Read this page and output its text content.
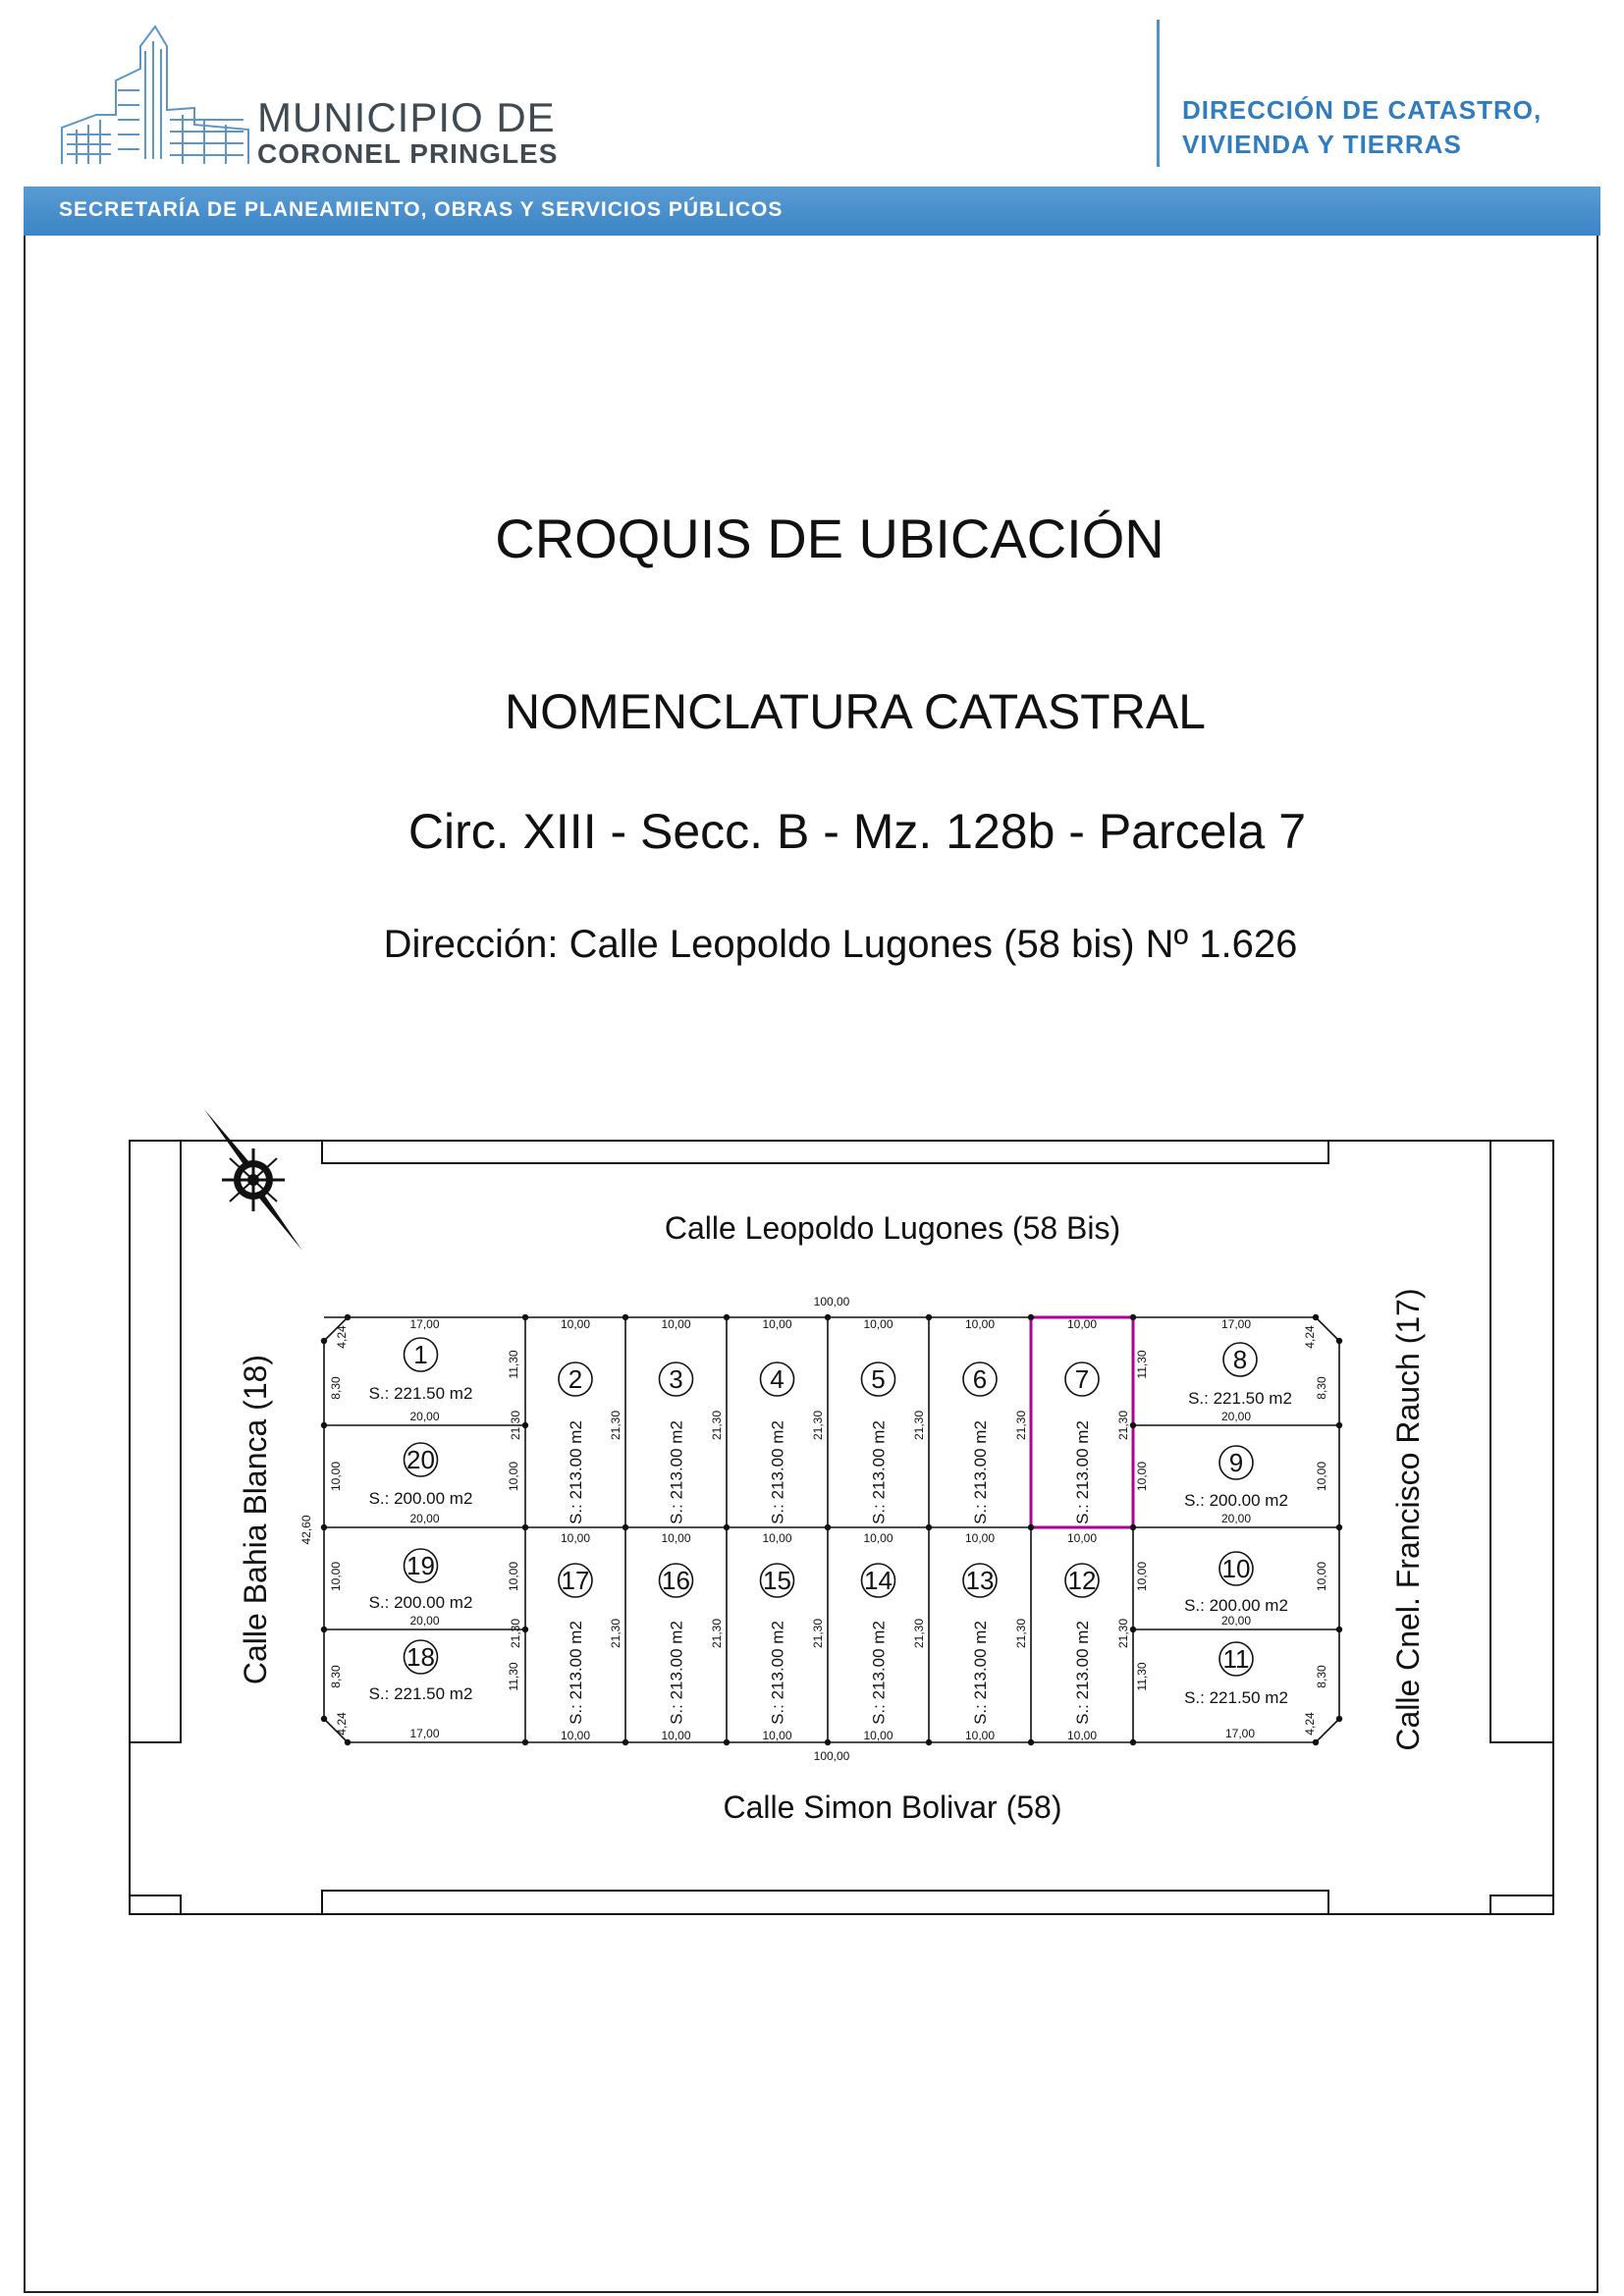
MUNICIPIO DE
CORONEL PRINGLES
DIRECCIÓN DE CATASTRO,
VIVIENDA Y TIERRAS
SECRETARÍA DE PLANEAMIENTO, OBRAS Y SERVICIOS PÚBLICOS
CROQUIS DE UBICACIÓN
NOMENCLATURA CATASTRAL
Circ. XIII - Secc. B - Mz. 128b - Parcela 7
Dirección: Calle Leopoldo Lugones (58 bis) Nº 1.626
100,00
100,00
42,60
4,24	4,24
4,24	4,24
10,00
2
S.: 213.00 m2
21,30
10,00
3
S.: 213.00 m2
21,30
10,00
4
S.: 213.00 m2
21,30
10,00
5
S.: 213.00 m2
21,30
10,00
6
S.: 213.00 m2
21,30
10,00
7
S.: 213.00 m2
21,30	21,30
10,00
17
S.: 213.00 m2
21,30
10,00
10,00
16
S.: 213.00 m2
21,30
10,00
10,00
15
S.: 213.00 m2
21,30
10,00
10,00
14
S.: 213.00 m2
21,30
10,00
10,00
13
S.: 213.00 m2
21,30
10,00
10,00
12
S.: 213.00 m2
21,30
10,00
21,30
17,00
1
S.: 221.50 m2
8,30
11,30
20,00
17,00
8
S.: 221.50 m2 8,30
11,30
20,00
18
S.: 221.50 m2
8,30	11,30
17,00
20,00
11
S.: 221.50 m2
8,30
11,30
17,00
20,00
20
S.: 200.00 m2
10,00	10,00
20,00
19
S.: 200.00 m2
10,00	10,00
9
S.: 200.00 m2
10,00
10,00
20,00
10
S.: 200.00 m2
10,00
10,00
Calle Leopoldo Lugones (58 Bis)
Calle Simon Bolivar (58)
Calle Bahia Blanca (18)	Calle Cnel. Francisco Rauch (17)
